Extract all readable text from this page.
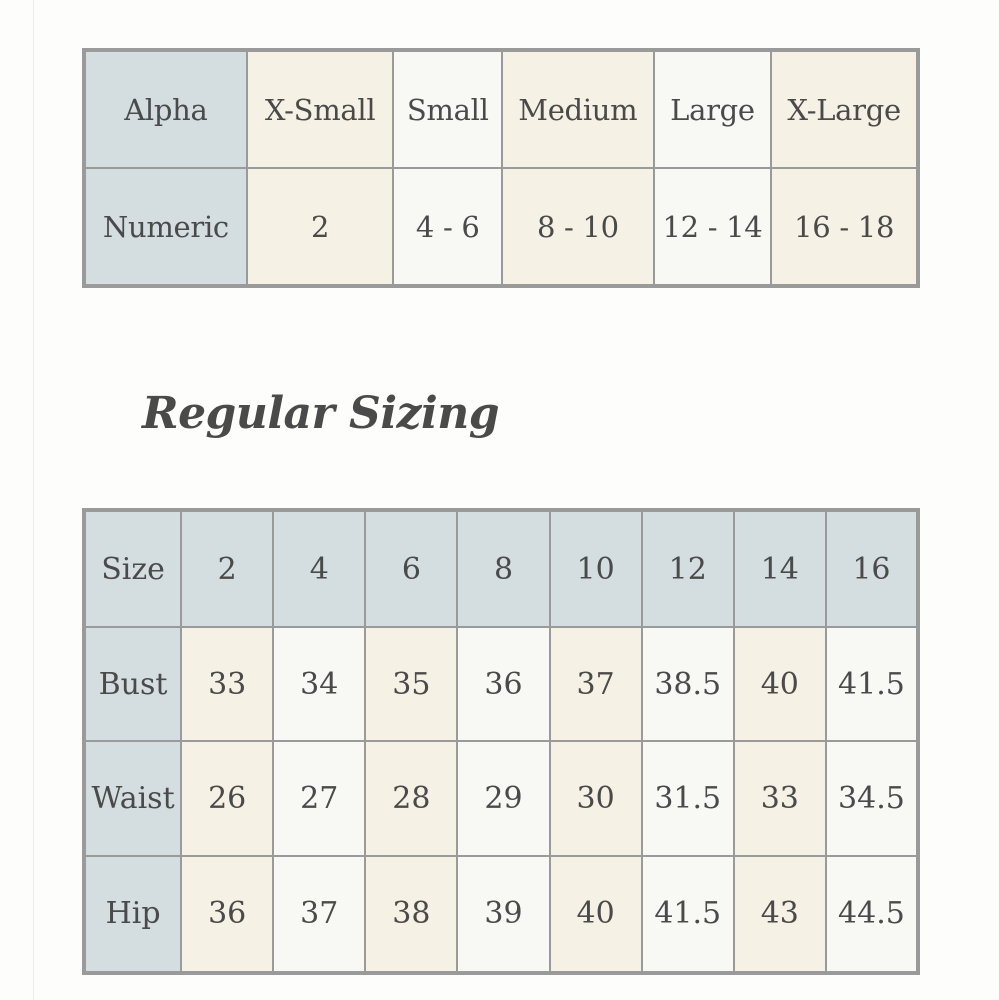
Alpha	X-Small	Small	Medium	Large	X-Large
Numeric	2	4 - 6	8 - 10	12 - 14	16 - 18
Regular Sizing
Size	2	4	6	8	10	12	14	16
Bust	33	34	35	36	37	38.5	40	41.5
Waist	26	27	28	29	30	31.5	33	34.5
Hip	36	37	38	39	40	41.5	43	44.5
